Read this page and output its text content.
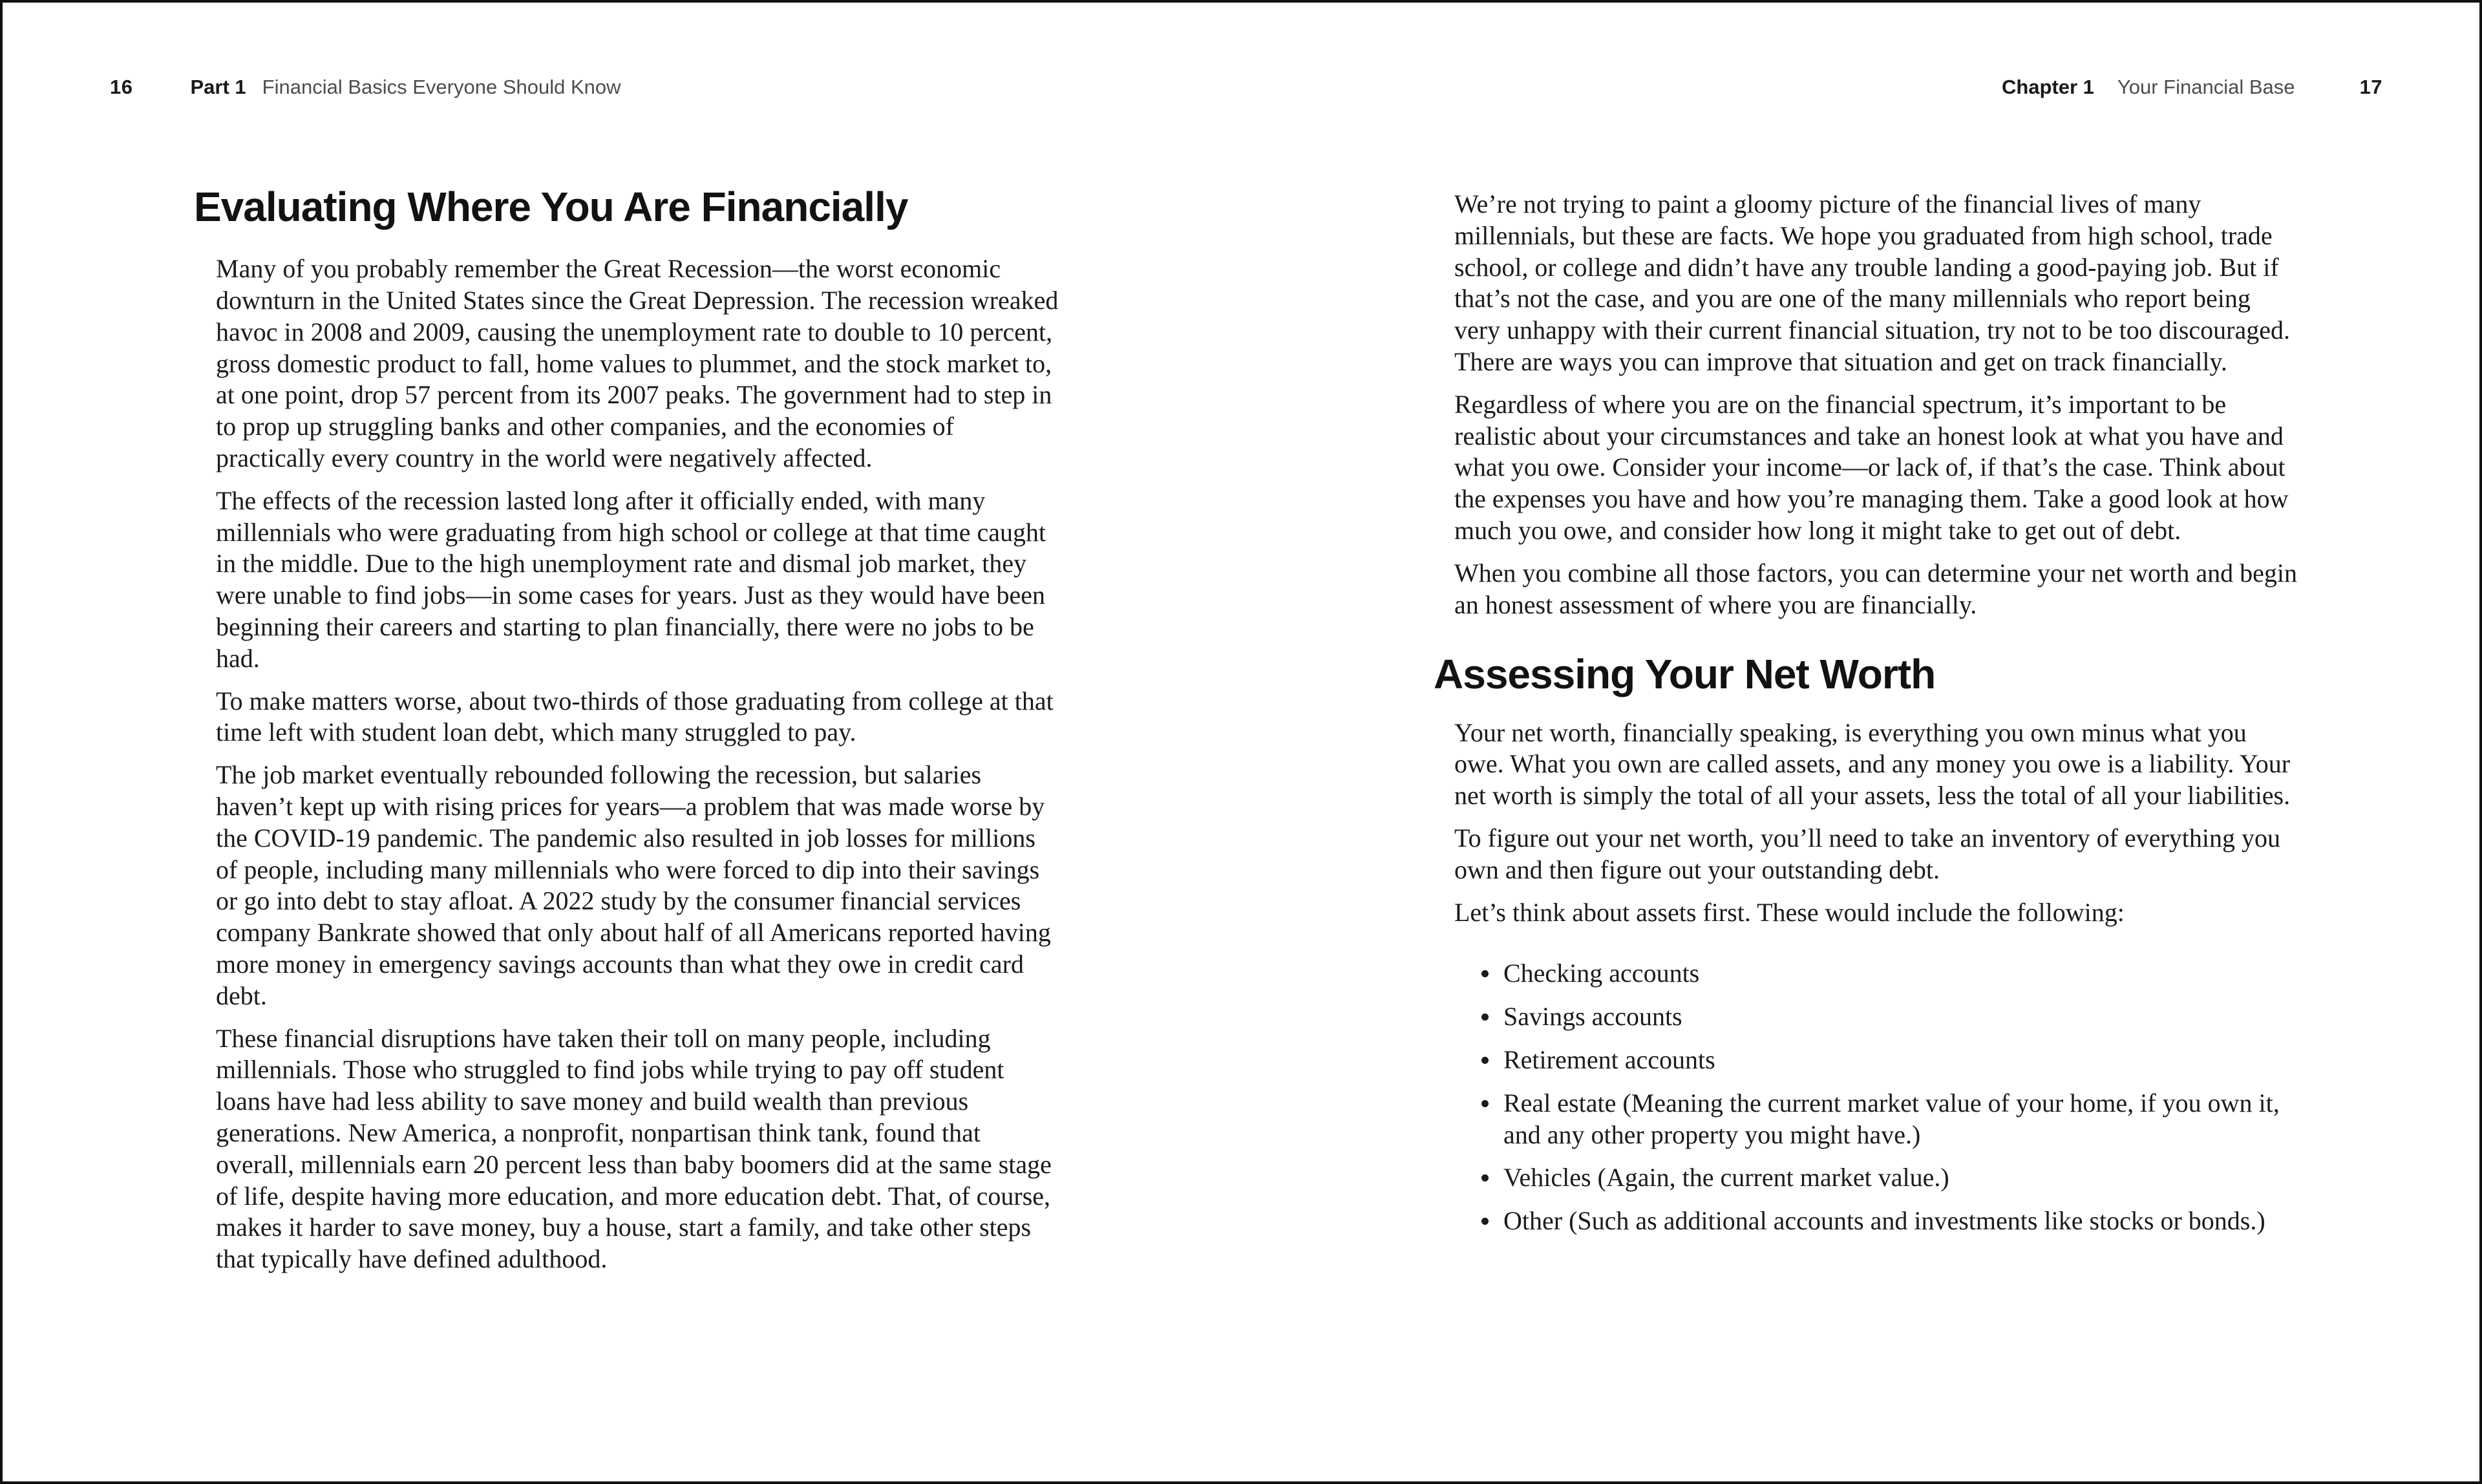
16	Part 1 Financial Basics Everyone Should Know	Chapter 1 Your Financial Base	17
Evaluating Where You Are Financially

Many of you probably remember the Great Recession—the worst economic downturn in the United States since the Great Depression. The recession wreaked havoc in 2008 and 2009, causing the unemployment rate to double to 10 percent, gross domestic product to fall, home values to plummet, and the stock market to, at one point, drop 57 percent from its 2007 peaks. The government had to step in to prop up struggling banks and other companies, and the economies of practically every country in the world were negatively affected.

The effects of the recession lasted long after it officially ended, with many millennials who were graduating from high school or college at that time caught in the middle. Due to the high unemployment rate and dismal job market, they were unable to find jobs—in some cases for years. Just as they would have been beginning their careers and starting to plan financially, there were no jobs to be had.

To make matters worse, about two-thirds of those graduating from college at that time left with student loan debt, which many struggled to pay.

The job market eventually rebounded following the recession, but salaries haven’t kept up with rising prices for years—a problem that was made worse by the COVID-19 pandemic. The pandemic also resulted in job losses for millions of people, including many millennials who were forced to dip into their savings or go into debt to stay afloat. A 2022 study by the consumer financial services company Bankrate showed that only about half of all Americans reported having more money in emergency savings accounts than what they owe in credit card debt.

These financial disruptions have taken their toll on many people, including millennials. Those who struggled to find jobs while trying to pay off student loans have had less ability to save money and build wealth than previous generations. New America, a nonprofit, nonpartisan think tank, found that overall, millennials earn 20 percent less than baby boomers did at the same stage of life, despite having more education, and more education debt. That, of course, makes it harder to save money, buy a house, start a family, and take other steps that typically have defined adulthood.

We’re not trying to paint a gloomy picture of the financial lives of many millennials, but these are facts. We hope you graduated from high school, trade school, or college and didn’t have any trouble landing a good-paying job. But if that’s not the case, and you are one of the many millennials who report being very unhappy with their current financial situation, try not to be too discouraged. There are ways you can improve that situation and get on track financially.

Regardless of where you are on the financial spectrum, it’s important to be realistic about your circumstances and take an honest look at what you have and what you owe. Consider your income—or lack of, if that’s the case. Think about the expenses you have and how you’re managing them. Take a good look at how much you owe, and consider how long it might take to get out of debt.

When you combine all those factors, you can determine your net worth and begin an honest assessment of where you are financially.

Assessing Your Net Worth

Your net worth, financially speaking, is everything you own minus what you owe. What you own are called assets, and any money you owe is a liability. Your net worth is simply the total of all your assets, less the total of all your liabilities.

To figure out your net worth, you’ll need to take an inventory of everything you own and then figure out your outstanding debt.

Let’s think about assets first. These would include the following:

Checking accounts
Savings accounts
Retirement accounts
Real estate (Meaning the current market value of your home, if you own it, and any other property you might have.)
Vehicles (Again, the current market value.)
Other (Such as additional accounts and investments like stocks or bonds.)
